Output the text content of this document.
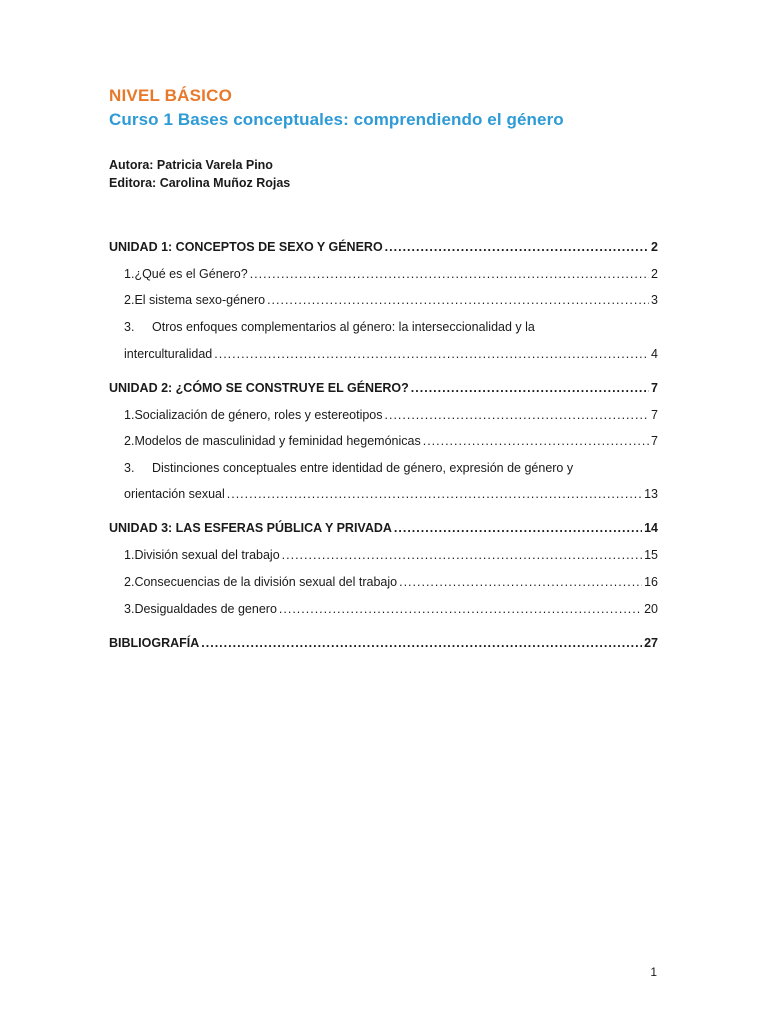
NIVEL BÁSICO
Curso 1 Bases conceptuales: comprendiendo el género
Autora: Patricia Varela Pino
Editora: Carolina Muñoz Rojas
UNIDAD 1: CONCEPTOS DE SEXO Y GÉNERO .....	2
1. ¿Qué es el Género? .....	2
2. El sistema sexo-género .....	3
3. Otros enfoques complementarios al género: la interseccionalidad y la
interculturalidad .....	4
UNIDAD 2: ¿CÓMO SE CONSTRUYE EL GÉNERO? .....	7
1. Socialización de género, roles y estereotipos .....	7
2. Modelos de masculinidad y feminidad hegemónicas .....	7
3. Distinciones conceptuales entre identidad de género, expresión de género y
orientación sexual .....	13
UNIDAD 3: LAS ESFERAS PÚBLICA Y PRIVADA .....	14
1. División sexual del trabajo .....	15
2. Consecuencias de la división sexual del trabajo .....	16
3. Desigualdades de genero .....	20
BIBLIOGRAFÍA .....	27
1
